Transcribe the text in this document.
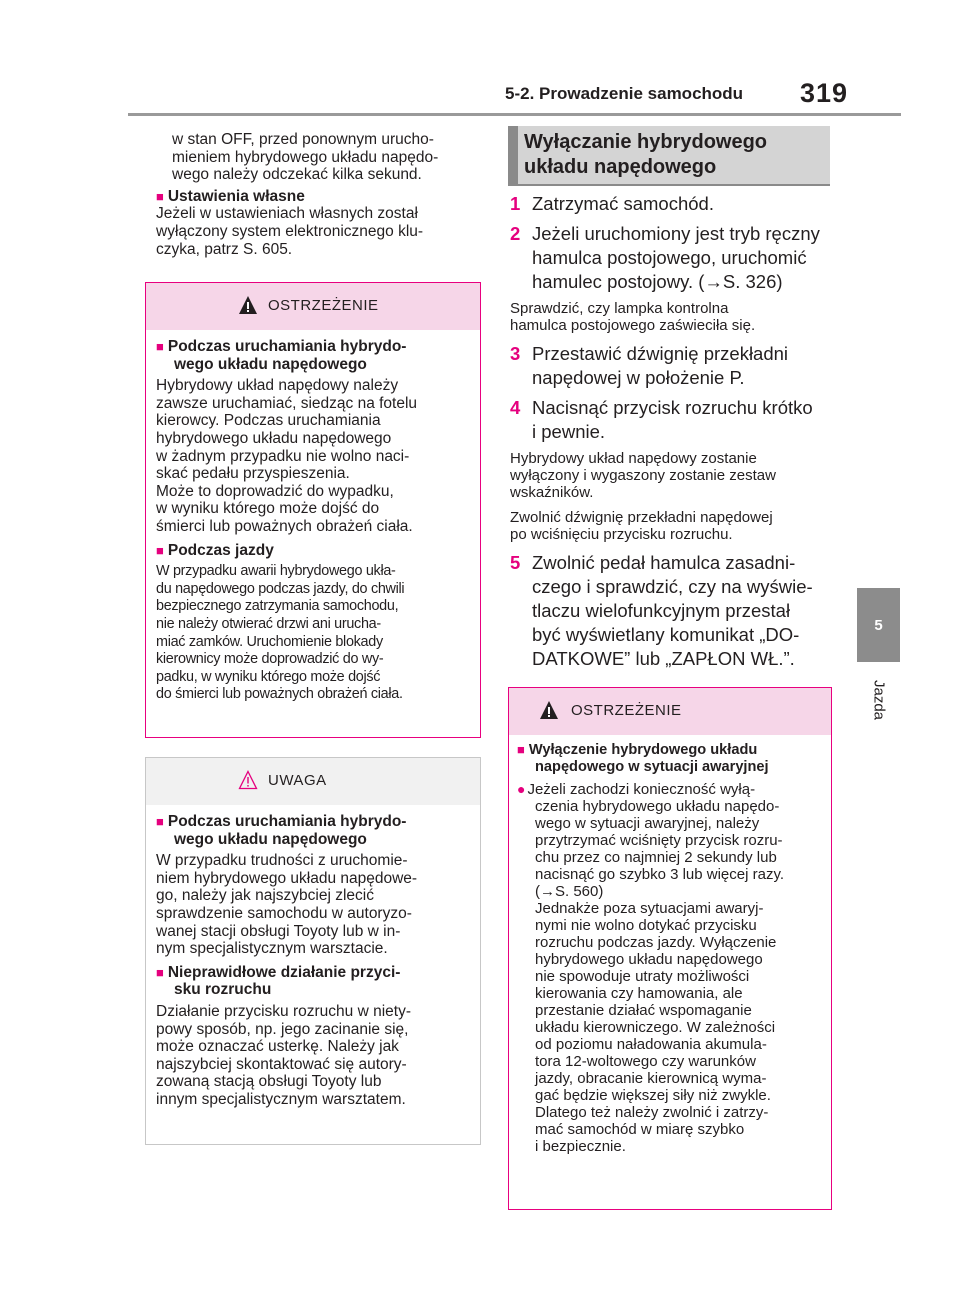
5-2. Prowadzenie samochodu 319
5
Jazda
w stan OFF, przed ponownym urucho-
mieniem hybrydowego układu napędo-
wego należy odczekać kilka sekund.
■ Ustawienia własne
Jeżeli w ustawieniach własnych został
wyłączony system elektronicznego klu-
czyka, patrz S. 605.
OSTRZEŻENIE
■ Podczas uruchamiania hybrydo-
wego układu napędowego
Hybrydowy układ napędowy należy
zawsze uruchamiać, siedząc na fotelu
kierowcy. Podczas uruchamiania
hybrydowego układu napędowego
w żadnym przypadku nie wolno naci-
skać pedału przyspieszenia.
Może to doprowadzić do wypadku,
w wyniku którego może dojść do
śmierci lub poważnych obrażeń ciała.
■ Podczas jazdy
W przypadku awarii hybrydowego ukła-
du napędowego podczas jazdy, do chwili
bezpiecznego zatrzymania samochodu,
nie należy otwierać drzwi ani urucha-
miać zamków. Uruchomienie blokady
kierownicy może doprowadzić do wy-
padku, w wyniku którego może dojść
do śmierci lub poważnych obrażeń ciała.
UWAGA
■ Podczas uruchamiania hybrydo-
wego układu napędowego
W przypadku trudności z uruchomie-
niem hybrydowego układu napędowe-
go, należy jak najszybciej zlecić
sprawdzenie samochodu w autoryzo-
wanej stacji obsługi Toyoty lub w in-
nym specjalistycznym warsztacie.
■ Nieprawidłowe działanie przyci-
sku rozruchu
Działanie przycisku rozruchu w niety-
powy sposób, np. jego zacinanie się,
może oznaczać usterkę. Należy jak
najszybciej skontaktować się autory-
zowaną stacją obsługi Toyoty lub
innym specjalistycznym warsztatem.
Wyłączanie hybrydowego
układu napędowego
1 Zatrzymać samochód.
2 Jeżeli uruchomiony jest tryb ręczny
hamulca postojowego, uruchomić
hamulec postojowy. (→S. 326)
Sprawdzić, czy lampka kontrolna
hamulca postojowego zaświeciła się.
3 Przestawić dźwignię przekładni
napędowej w położenie P.
4 Nacisnąć przycisk rozruchu krótko
i pewnie.
Hybrydowy układ napędowy zostanie
wyłączony i wygaszony zostanie zestaw
wskaźników.
Zwolnić dźwignię przekładni napędowej
po wciśnięciu przycisku rozruchu.
5 Zwolnić pedał hamulca zasadni-
czego i sprawdzić, czy na wyświe-
tlaczu wielofunkcyjnym przestał
być wyświetlany komunikat „DO-
DATKOWE” lub „ZAPŁON WŁ.”.
OSTRZEŻENIE
■ Wyłączenie hybrydowego układu
napędowego w sytuacji awaryjnej
● Jeżeli zachodzi konieczność wyłą-
czenia hybrydowego układu napędo-
wego w sytuacji awaryjnej, należy
przytrzymać wciśnięty przycisk rozru-
chu przez co najmniej 2 sekundy lub
nacisnąć go szybko 3 lub więcej razy.
(→S. 560)
Jednakże poza sytuacjami awaryj-
nymi nie wolno dotykać przycisku
rozruchu podczas jazdy. Wyłączenie
hybrydowego układu napędowego
nie spowoduje utraty możliwości
kierowania czy hamowania, ale
przestanie działać wspomaganie
układu kierowniczego. W zależności
od poziomu naładowania akumula-
tora 12-woltowego czy warunków
jazdy, obracanie kierownicą wyma-
gać będzie większej siły niż zwykle.
Dlatego też należy zwolnić i zatrzy-
mać samochód w miarę szybko
i bezpiecznie.
